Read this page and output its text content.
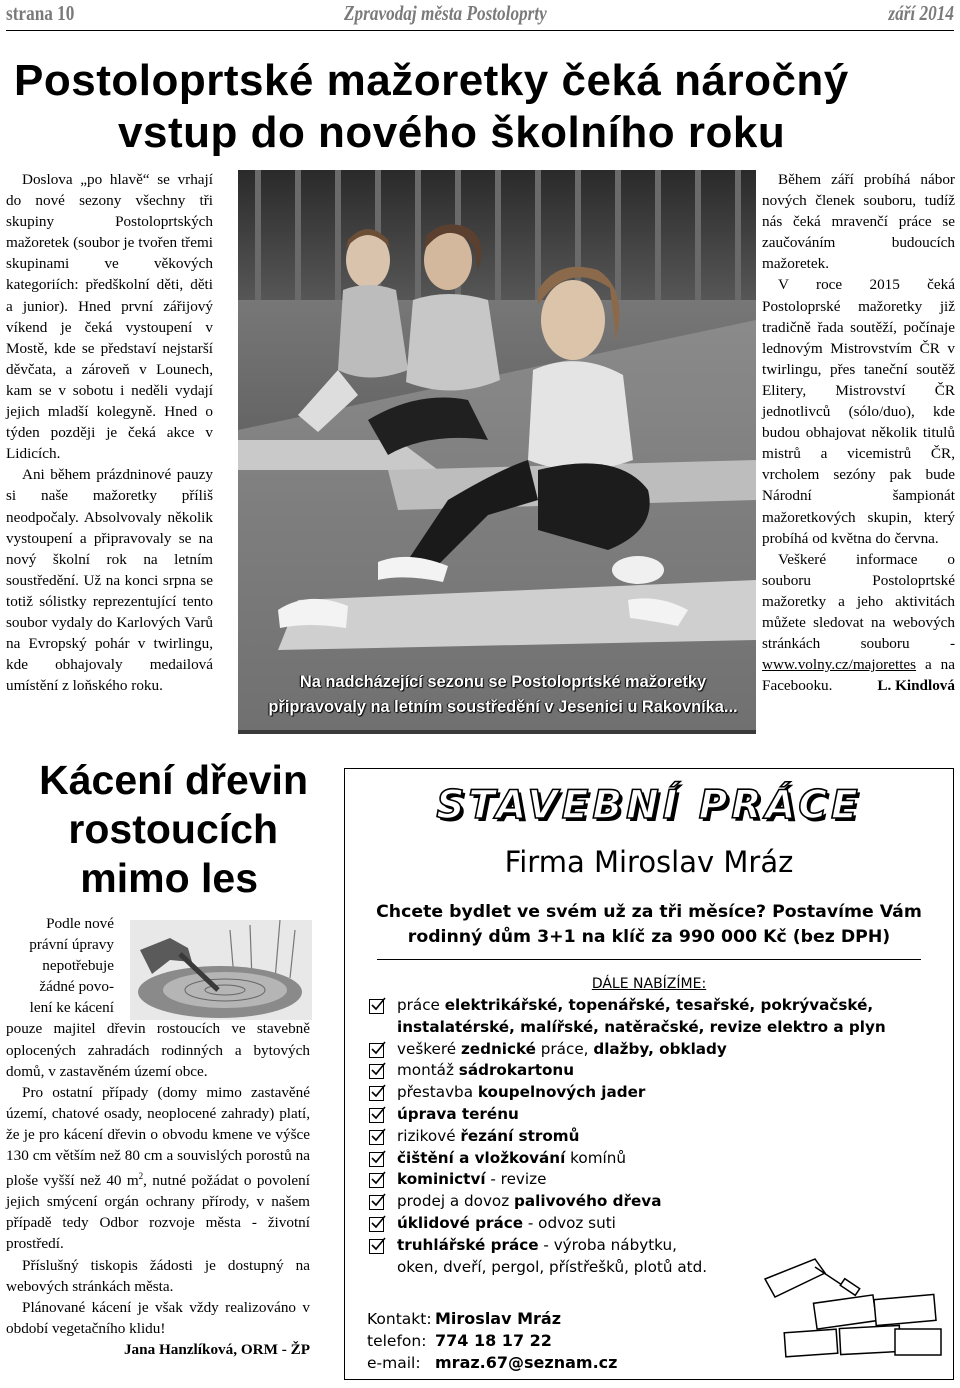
strana 10	Zpravodaj města Postoloprty	září 2014
Postoloprtské mažoretky čeká náročný
vstup do nového školního roku

Doslova „po hlavě“ se vrhají do nové sezony všechny tři skupiny Postoloprtských mažoretek (soubor je tvořen třemi skupinami ve věkových kategoriích: předškolní děti, děti a junior). Hned první zářijový víkend je čeká vystoupení v Mostě, kde se představí nejstarší děvčata, a zároveň v Lounech, kam se v sobotu i neděli vydají jejich mladší kolegyně. Hned o týden později je čeká akce v Lidicích.

Ani během prázdninové pauzy si naše mažoretky příliš neodpočaly. Absolvovaly několik vystoupení a připravovaly se na nový školní rok na letním soustředění. Už na konci srpna se totiž sólistky reprezentující tento soubor vydaly do Karlových Varů na Evropský pohár v twirlingu, kde obhajovaly medailová umístění z loňského roku.	Na nadcházející sezonu se Postoloprtské mažoretky
připravovaly na letním soustředění v Jesenici u Rakovníka...

Během září probíhá nábor nových členek souboru, tudíž nás čeká mravenčí práce se zaučováním budoucích mažoretek.

V roce 2015 čeká Postoloprské mažoretky již tradičně řada soutěží, počínaje lednovým Mistrovstvím ČR v twirlingu, přes taneční soutěž Elitery, Mistrovství ČR jednotlivců (sólo/duo), kde budou obhajovat několik titulů mistrů a vicemistrů ČR, vrcholem sezóny pak bude Národní šampionát mažoretkových skupin, který probíhá od května do června.

Veškeré informace o souboru Postoloprtské mažoretky a jeho aktivitách můžete sledovat na webových stránkách souboru - www.volny.cz/majorettes a na Facebooku.	L. Kindlová

Kácení dřevin
rostoucích
mimo les

Podle nové
právní úpravy
nepotřebuje
žádné povo-
lení ke kácení
pouze majitel dřevin rostoucích ve stavebně oplocených zahradách rodinných a bytových domů, v zastavěném území obce.

Pro ostatní případy (domy mimo zastavěné území, chatové osady, neoplocené zahrady) platí, že je pro kácení dřevin o obvodu kmene ve výšce 130 cm větším než 80 cm a souvislých porostů na ploše vyšší než 40 $m^2$, nutné požádat o povolení jejich smýcení orgán ochrany přírody, v našem případě tedy Odbor rozvoje města - životní prostředí.

Příslušný tiskopis žádosti je dostupný na webových stránkách města.

Plánované kácení je však vždy realizováno v období vegetačního klidu!

Jana Hanzlíková, ORM - ŽP

STAVEBNÍ PRÁCE
Firma Miroslav Mráz
Chcete bydlet ve svém už za tři měsíce? Postavíme Vám
rodinný dům 3+1 na klíč za 990 000 Kč (bez DPH)
DÁLE NABÍZÍME:
práce elektrikářské, topenářské, tesařské, pokrývačské,
instalatérské, malířské, natěračské, revize elektro a plyn
veškeré zednické práce, dlažby, obklady
montáž sádrokartonu
přestavba koupelnových jader
úprava terénu
rizikové řezání stromů
čištění a vložkování komínů
kominictví - revize
prodej a dovoz palivového dřeva
úklidové práce - odvoz suti
truhlářské práce - výroba nábytku,
oken, dveří, pergol, přístřešků, plotů atd.
Kontakt: Miroslav Mráz
telefon: 774 18 17 22
e-mail: mraz.67@seznam.cz
